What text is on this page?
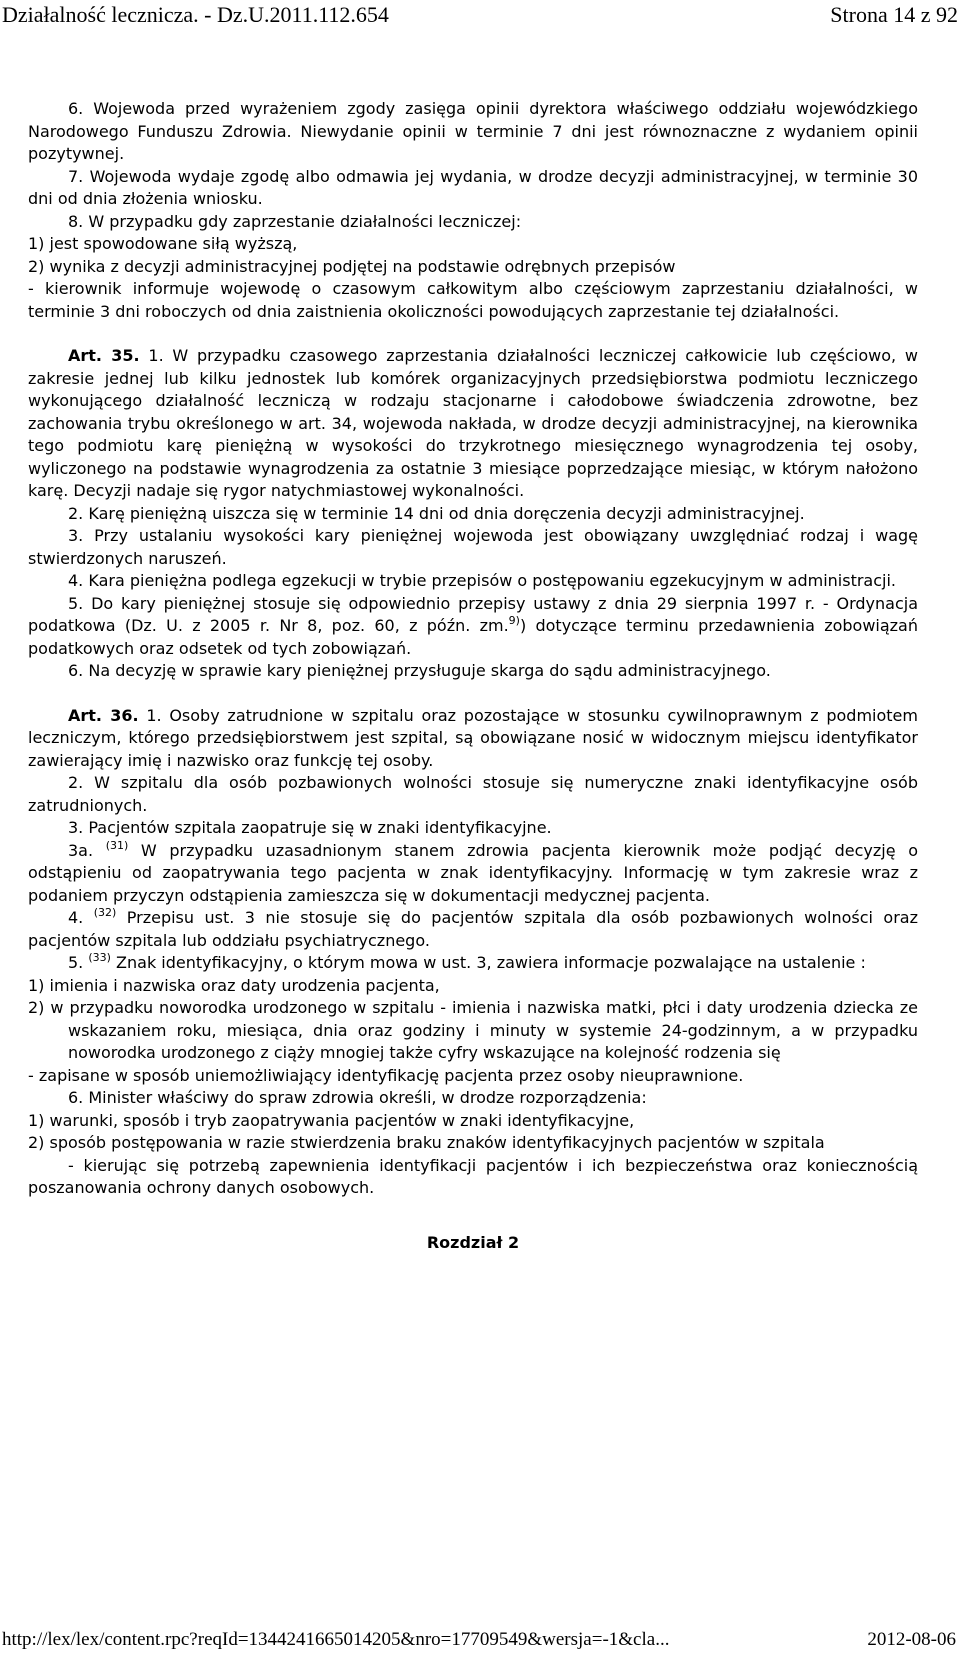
Działalność lecznicza. - Dz.U.2011.112.654	Strona 14 z 92

6. Wojewoda przed wyrażeniem zgody zasięga opinii dyrektora właściwego oddziału wojewódzkiego Narodowego Funduszu Zdrowia. Niewydanie opinii w terminie 7 dni jest równoznaczne z wydaniem opinii pozytywnej.

7. Wojewoda wydaje zgodę albo odmawia jej wydania, w drodze decyzji administracyjnej, w terminie 30 dni od dnia złożenia wniosku.

8. W przypadku gdy zaprzestanie działalności leczniczej:

1) jest spowodowane siłą wyższą,

2) wynika z decyzji administracyjnej podjętej na podstawie odrębnych przepisów

- kierownik informuje wojewodę o czasowym całkowitym albo częściowym zaprzestaniu działalności, w terminie 3 dni roboczych od dnia zaistnienia okoliczności powodujących zaprzestanie tej działalności.

Art. 35. 1. W przypadku czasowego zaprzestania działalności leczniczej całkowicie lub częściowo, w zakresie jednej lub kilku jednostek lub komórek organizacyjnych przedsiębiorstwa podmiotu leczniczego wykonującego działalność leczniczą w rodzaju stacjonarne i całodobowe świadczenia zdrowotne, bez zachowania trybu określonego w art. 34, wojewoda nakłada, w drodze decyzji administracyjnej, na kierownika tego podmiotu karę pieniężną w wysokości do trzykrotnego miesięcznego wynagrodzenia tej osoby, wyliczonego na podstawie wynagrodzenia za ostatnie 3 miesiące poprzedzające miesiąc, w którym nałożono karę. Decyzji nadaje się rygor natychmiastowej wykonalności.

2. Karę pieniężną uiszcza się w terminie 14 dni od dnia doręczenia decyzji administracyjnej.

3. Przy ustalaniu wysokości kary pieniężnej wojewoda jest obowiązany uwzględniać rodzaj i wagę stwierdzonych naruszeń.

4. Kara pieniężna podlega egzekucji w trybie przepisów o postępowaniu egzekucyjnym w administracji.

5. Do kary pieniężnej stosuje się odpowiednio przepisy ustawy z dnia 29 sierpnia 1997 r. - Ordynacja podatkowa (Dz. U. z 2005 r. Nr 8, poz. 60, z późn. zm.$^{9)}$) dotyczące terminu przedawnienia zobowiązań podatkowych oraz odsetek od tych zobowiązań.

6. Na decyzję w sprawie kary pieniężnej przysługuje skarga do sądu administracyjnego.

Art. 36. 1. Osoby zatrudnione w szpitalu oraz pozostające w stosunku cywilnoprawnym z podmiotem leczniczym, którego przedsiębiorstwem jest szpital, są obowiązane nosić w widocznym miejscu identyfikator zawierający imię i nazwisko oraz funkcję tej osoby.

2. W szpitalu dla osób pozbawionych wolności stosuje się numeryczne znaki identyfikacyjne osób zatrudnionych.

3. Pacjentów szpitala zaopatruje się w znaki identyfikacyjne.

3a. $^{(31)}$ W przypadku uzasadnionym stanem zdrowia pacjenta kierownik może podjąć decyzję o odstąpieniu od zaopatrywania tego pacjenta w znak identyfikacyjny. Informację w tym zakresie wraz z podaniem przyczyn odstąpienia zamieszcza się w dokumentacji medycznej pacjenta.

4. $^{(32)}$ Przepisu ust. 3 nie stosuje się do pacjentów szpitala dla osób pozbawionych wolności oraz pacjentów szpitala lub oddziału psychiatrycznego.

5. $^{(33)}$ Znak identyfikacyjny, o którym mowa w ust. 3, zawiera informacje pozwalające na ustalenie :

1) imienia i nazwiska oraz daty urodzenia pacjenta,

2) w przypadku noworodka urodzonego w szpitalu - imienia i nazwiska matki, płci i daty urodzenia dziecka ze wskazaniem roku, miesiąca, dnia oraz godziny i minuty w systemie 24-godzinnym, a w przypadku noworodka urodzonego z ciąży mnogiej także cyfry wskazujące na kolejność rodzenia się

- zapisane w sposób uniemożliwiający identyfikację pacjenta przez osoby nieuprawnione.

6. Minister właściwy do spraw zdrowia określi, w drodze rozporządzenia:

1) warunki, sposób i tryb zaopatrywania pacjentów w znaki identyfikacyjne,

2) sposób postępowania w razie stwierdzenia braku znaków identyfikacyjnych pacjentów w szpitala

- kierując się potrzebą zapewnienia identyfikacji pacjentów i ich bezpieczeństwa oraz koniecznością poszanowania ochrony danych osobowych.

Rozdział 2

http://lex/lex/content.rpc?reqId=1344241665014205&nro=17709549&wersja=-1&cla...	2012-08-06
